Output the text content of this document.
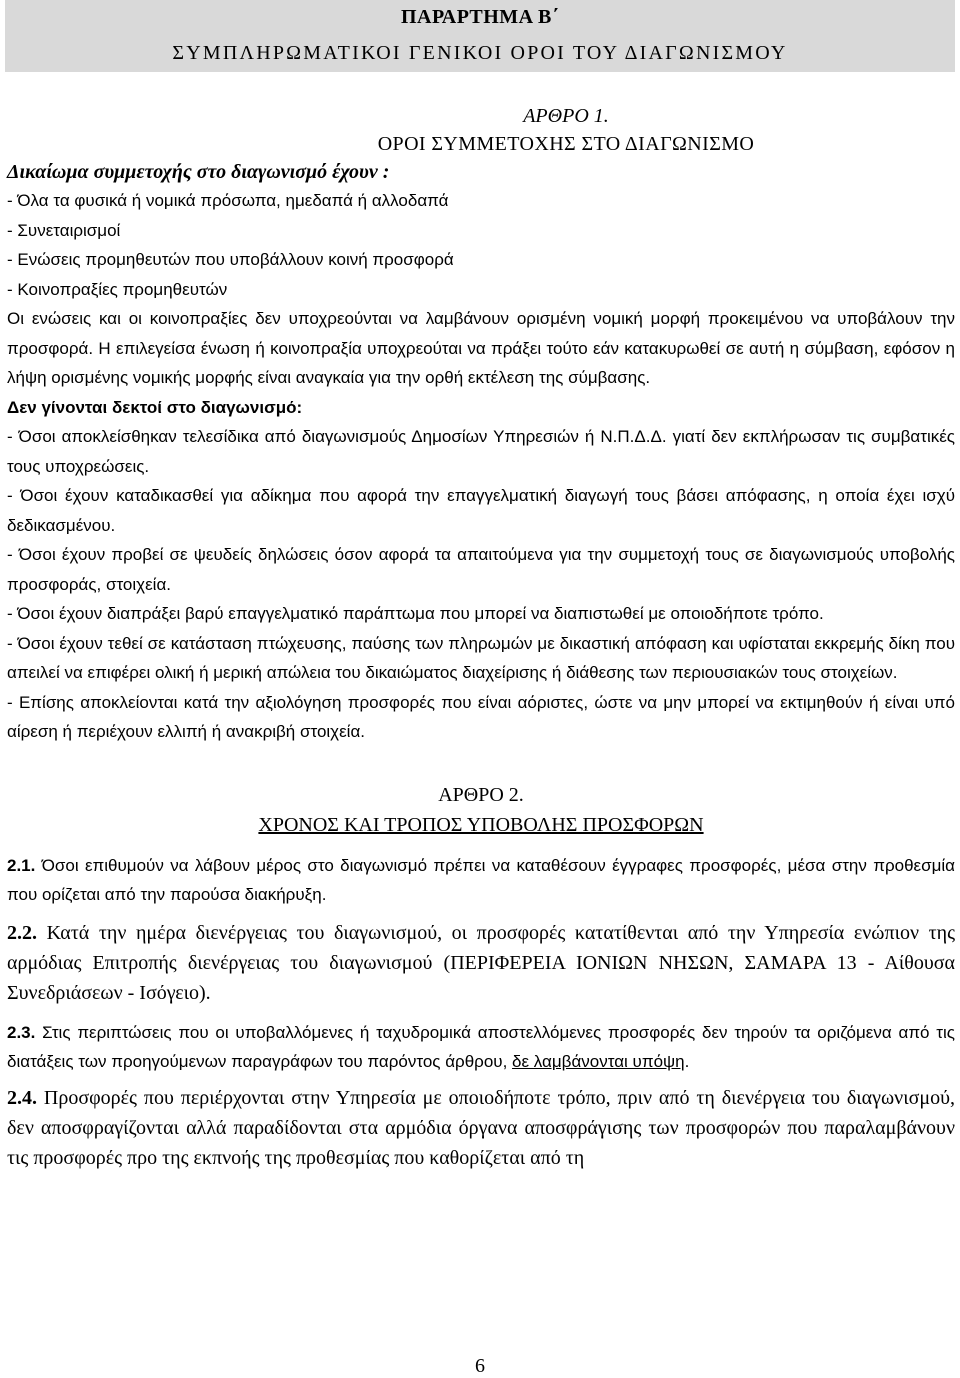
ΠΑΡΑΡΤΗΜΑ Β΄
ΣΥΜΠΛΗΡΩΜΑΤΙΚΟΙ ΓΕΝΙΚΟΙ ΟΡΟΙ ΤΟΥ ΔΙΑΓΩΝΙΣΜΟΥ

ΑΡΘΡΟ 1.

ΟΡΟΙ ΣΥΜΜΕΤΟΧΗΣ ΣΤΟ ΔΙΑΓΩΝΙΣΜΟ

Δικαίωμα συμμετοχής στο διαγωνισμό έχουν :

- Όλα τα φυσικά ή νομικά πρόσωπα, ημεδαπά ή αλλοδαπά

- Συνεταιρισμοί

- Ενώσεις προμηθευτών που υποβάλλουν κοινή προσφορά

- Κοινοπραξίες προμηθευτών

Οι ενώσεις και οι κοινοπραξίες δεν υποχρεούνται να λαμβάνουν ορισμένη νομική μορφή προκειμένου να υποβάλουν την προσφορά. Η επιλεγείσα ένωση ή κοινοπραξία υποχρεούται να πράξει τούτο εάν κατακυρωθεί σε αυτή η σύμβαση, εφόσον η λήψη ορισμένης νομικής μορφής είναι αναγκαία για την ορθή εκτέλεση της σύμβασης.

Δεν γίνονται δεκτοί στο διαγωνισμό:

- Όσοι αποκλείσθηκαν τελεσίδικα από διαγωνισμούς Δημοσίων Υπηρεσιών ή Ν.Π.Δ.Δ. γιατί δεν εκπλήρωσαν τις συμβατικές τους υποχρεώσεις.

- Όσοι έχουν καταδικασθεί για αδίκημα που αφορά την επαγγελματική διαγωγή τους βάσει απόφασης, η οποία έχει ισχύ δεδικασμένου.

- Όσοι έχουν προβεί σε ψευδείς δηλώσεις όσον αφορά τα απαιτούμενα για την συμμετοχή τους σε διαγωνισμούς υποβολής προσφοράς, στοιχεία.

- Όσοι έχουν διαπράξει βαρύ επαγγελματικό παράπτωμα που μπορεί να διαπιστωθεί με οποιοδήποτε τρόπο.

- Όσοι έχουν τεθεί σε κατάσταση πτώχευσης, παύσης των πληρωμών με δικαστική απόφαση και υφίσταται εκκρεμής δίκη που απειλεί να επιφέρει ολική ή μερική απώλεια του δικαιώματος διαχείρισης ή διάθεσης των περιουσιακών τους στοιχείων.

- Επίσης αποκλείονται κατά την αξιολόγηση προσφορές που είναι αόριστες, ώστε να μην μπορεί να εκτιμηθούν ή είναι υπό αίρεση ή περιέχουν ελλιπή ή ανακριβή στοιχεία.

ΑΡΘΡΟ 2.

ΧΡΟΝΟΣ ΚΑΙ ΤΡΟΠΟΣ ΥΠΟΒΟΛΗΣ ΠΡΟΣΦΟΡΩΝ

2.1. Όσοι επιθυμούν να λάβουν μέρος στο διαγωνισμό πρέπει να καταθέσουν έγγραφες προσφορές, μέσα στην προθεσμία που ορίζεται από την παρούσα διακήρυξη.

2.2. Κατά την ημέρα διενέργειας του διαγωνισμού, οι προσφορές κατατίθενται από την Υπηρεσία ενώπιον της αρμόδιας Επιτροπής διενέργειας του διαγωνισμού (ΠΕΡΙΦΕΡΕΙΑ ΙΟΝΙΩΝ ΝΗΣΩΝ, ΣΑΜΑΡΑ 13 - Αίθουσα Συνεδριάσεων - Ισόγειο).

2.3. Στις περιπτώσεις που οι υποβαλλόμενες ή ταχυδρομικά αποστελλόμενες προσφορές δεν τηρούν τα οριζόμενα από τις διατάξεις των προηγούμενων παραγράφων του παρόντος άρθρου, δε λαμβάνονται υπόψη.

2.4. Προσφορές που περιέρχονται στην Υπηρεσία με οποιοδήποτε τρόπο, πριν από τη διενέργεια του διαγωνισμού, δεν αποσφραγίζονται αλλά παραδίδονται στα αρμόδια όργανα αποσφράγισης των προσφορών που παραλαμβάνουν τις προσφορές προ της εκπνοής της προθεσμίας που καθορίζεται από τη

6
